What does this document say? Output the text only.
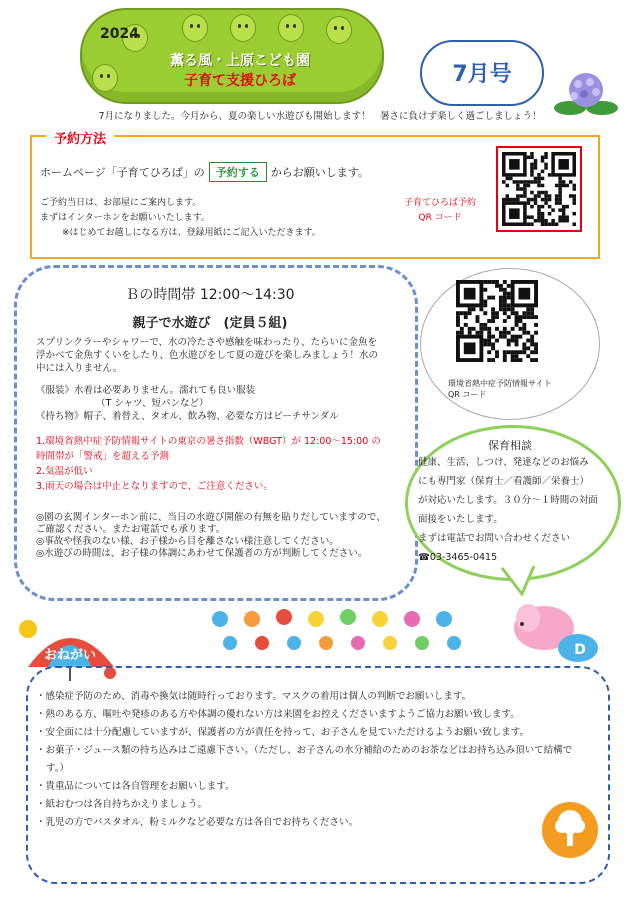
2024
薫る風・上原こども園
子育て支援ひろば	7月号
7月になりました。今月から、夏の楽しい水遊びも開始します！　暑さに負けず楽しく過ごしましょう！
予約方法
ホームページ「子育てひろば」の 予約する からお願いします。
ご予約当日は、お部屋にご案内します。
まずはインターホンをお願いいたします。
※はじめてお越しになる方は、登録用紙にご記入いただきます。
子育てひろば予約
QR コード
Ｂの時間帯 12:00～14:30
親子で水遊び　(定員５組)
スプリンクラーやシャワーで、水の冷たさや感触を味わったり、たらいに金魚を浮かべて金魚すくいをしたり、色水遊びをして夏の遊びを楽しみましょう！水の中には入りません。
《服装》水着は必要ありません。濡れても良い服装
（T シャツ、短パンなど）
《持ち物》帽子、着替え、タオル、飲み物、必要な方はビーチサンダル
1.環境省熱中症予防情報サイトの東京の暑さ指数（WBGT）が 12:00～15:00 の時間帯が「警戒」を超える予測
2.気温が低い
3.雨天の場合は中止となりますので、ご注意ください。
◎園の玄関インターホン前に、当日の水遊び開催の有無を貼りだしていますので、ご確認ください。またお電話でも承ります。
◎事故や怪我のない様、お子様から目を離さない様注意してください。
◎水遊びの時間は、お子様の体調にあわせて保護者の方が判断してください。
環境省熱中症予防情報サイト
QR コード
保育相談
健康、生活、しつけ、発達などのお悩みにも専門家（保育士／看護師／栄養士）が対応いたします。３０分～１時間の対面面接をいたします。
まずは電話でお問い合わせください
☎03-3465-0415
おねがい	D
・感染症予防のため、消毒や換気は随時行っております。マスクの着用は個人の判断でお願いします。
・熱のある方、嘔吐や発疹のある方や体調の優れない方は来園をお控えくださいますようご協力お願い致します。
・安全面には十分配慮していますが、保護者の方が責任を持って、お子さんを見ていただけるようお願い致します。
・お菓子・ジュース類の持ち込みはご遠慮下さい。（ただし、お子さんの水分補給のためのお茶などはお持ち込み頂いて結構です。）
・貴重品については各自管理をお願いします。
・紙おむつは各自持ちかえりましょう。
・乳児の方でバスタオル、粉ミルクなど必要な方は各自でお持ちください。
